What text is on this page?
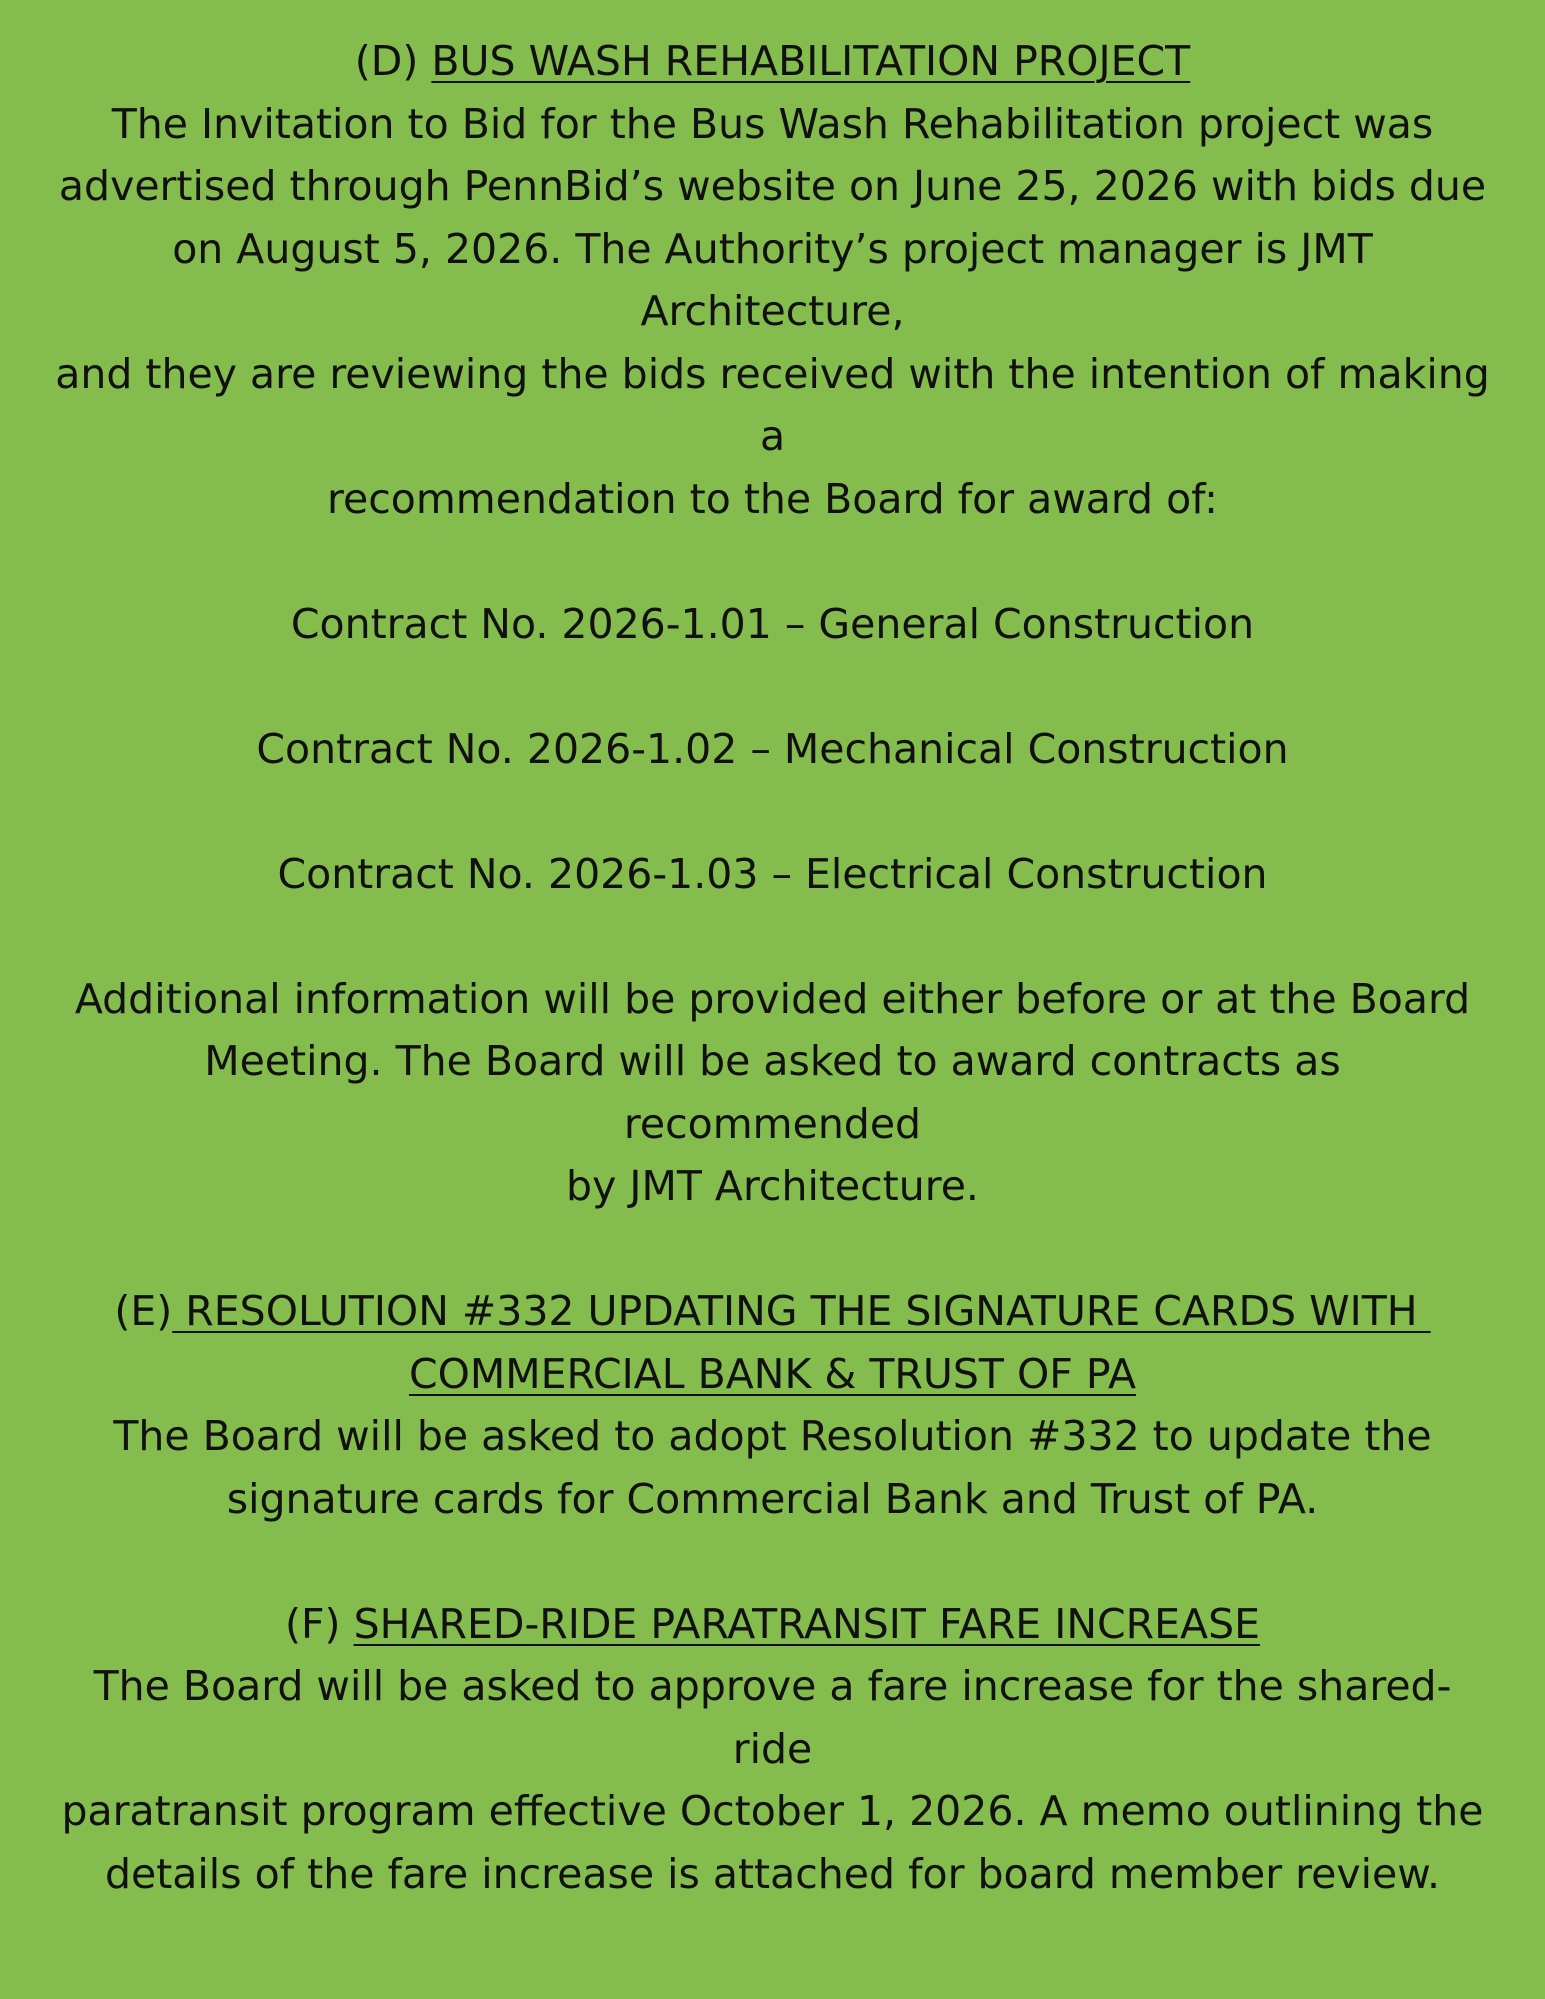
(D) BUS WASH REHABILITATION PROJECT
The Invitation to Bid for the Bus Wash Rehabilitation project was
advertised through PennBid’s website on June 25, 2026 with bids due
on August 5, 2026. The Authority’s project manager is JMT
Architecture,
and they are reviewing the bids received with the intention of making
a
recommendation to the Board for award of:
Contract No. 2026-1.01 – General Construction
Contract No. 2026-1.02 – Mechanical Construction
Contract No. 2026-1.03 – Electrical Construction
Additional information will be provided either before or at the Board
Meeting. The Board will be asked to award contracts as
recommended
by JMT Architecture.
(E) RESOLUTION #332 UPDATING THE SIGNATURE CARDS WITH
COMMERCIAL BANK & TRUST OF PA
The Board will be asked to adopt Resolution #332 to update the
signature cards for Commercial Bank and Trust of PA.
(F) SHARED-RIDE PARATRANSIT FARE INCREASE
The Board will be asked to approve a fare increase for the shared-
ride
paratransit program effective October 1, 2026. A memo outlining the
details of the fare increase is attached for board member review.
